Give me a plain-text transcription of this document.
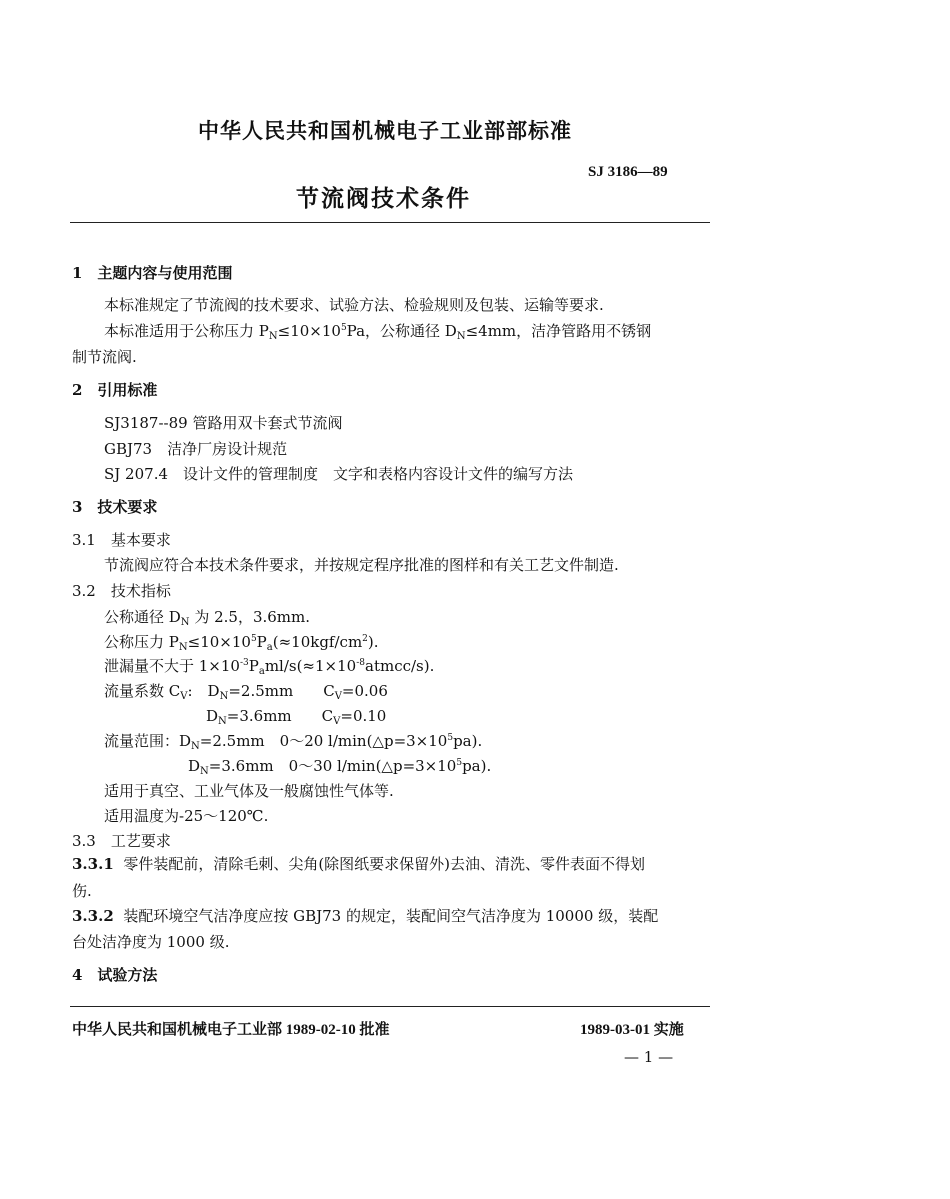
中华人民共和国机械电子工业部部标准
SJ 3186—89
节流阀技术条件
1　主题内容与使用范围
本标准规定了节流阀的技术要求、试验方法、检验规则及包装、运输等要求.
本标准适用于公称压力 $P_N\le 10\times 10^5Pa$，公称通径 $D_N\le 4mm$，洁净管路用不锈钢
制节流阀.
2　引用标准
SJ3187--89 管路用双卡套式节流阀
GBJ73　洁净厂房设计规范
SJ 207.4　设计文件的管理制度　文字和表格内容设计文件的编写方法
3　技术要求
3.1　基本要求
节流阀应符合本技术条件要求，并按规定程序批准的图样和有关工艺文件制造.
3.2　技术指标
公称通径 $D_N$ 为 2.5，3.6mm.
公称压力 $P_N\le 10\times 10^5P_a(\approx 10kgf/cm^2)$.
泄漏量不大于 $1\times 10^{-3}P_aml/s(\approx 1\times 10^{-8}atmcc/s)$.
流量系数 $C_V$:　$D_N=2.5mm$　　$C_V=0.06$
$D_N=3.6mm$　　$C_V=0.10$
流量范围：$D_N=2.5mm$　0～20 $l/\min(\triangle p=3\times 10^5pa)$.
$D_N=3.6mm$　0～30 $l/\min(\triangle p=3\times 10^5pa)$.
适用于真空、工业气体及一般腐蚀性气体等.
适用温度为-25～120℃.
3.3　工艺要求
3.3.1 零件装配前，清除毛刺、尖角(除图纸要求保留外)去油、清洗、零件表面不得划
伤.
3.3.2 装配环境空气洁净度应按 GBJ73 的规定，装配间空气洁净度为 10000 级，装配
台处洁净度为 1000 级.
4　试验方法
中华人民共和国机械电子工业部 1989-02-10 批准	1989-03-01 实施
— 1 —
